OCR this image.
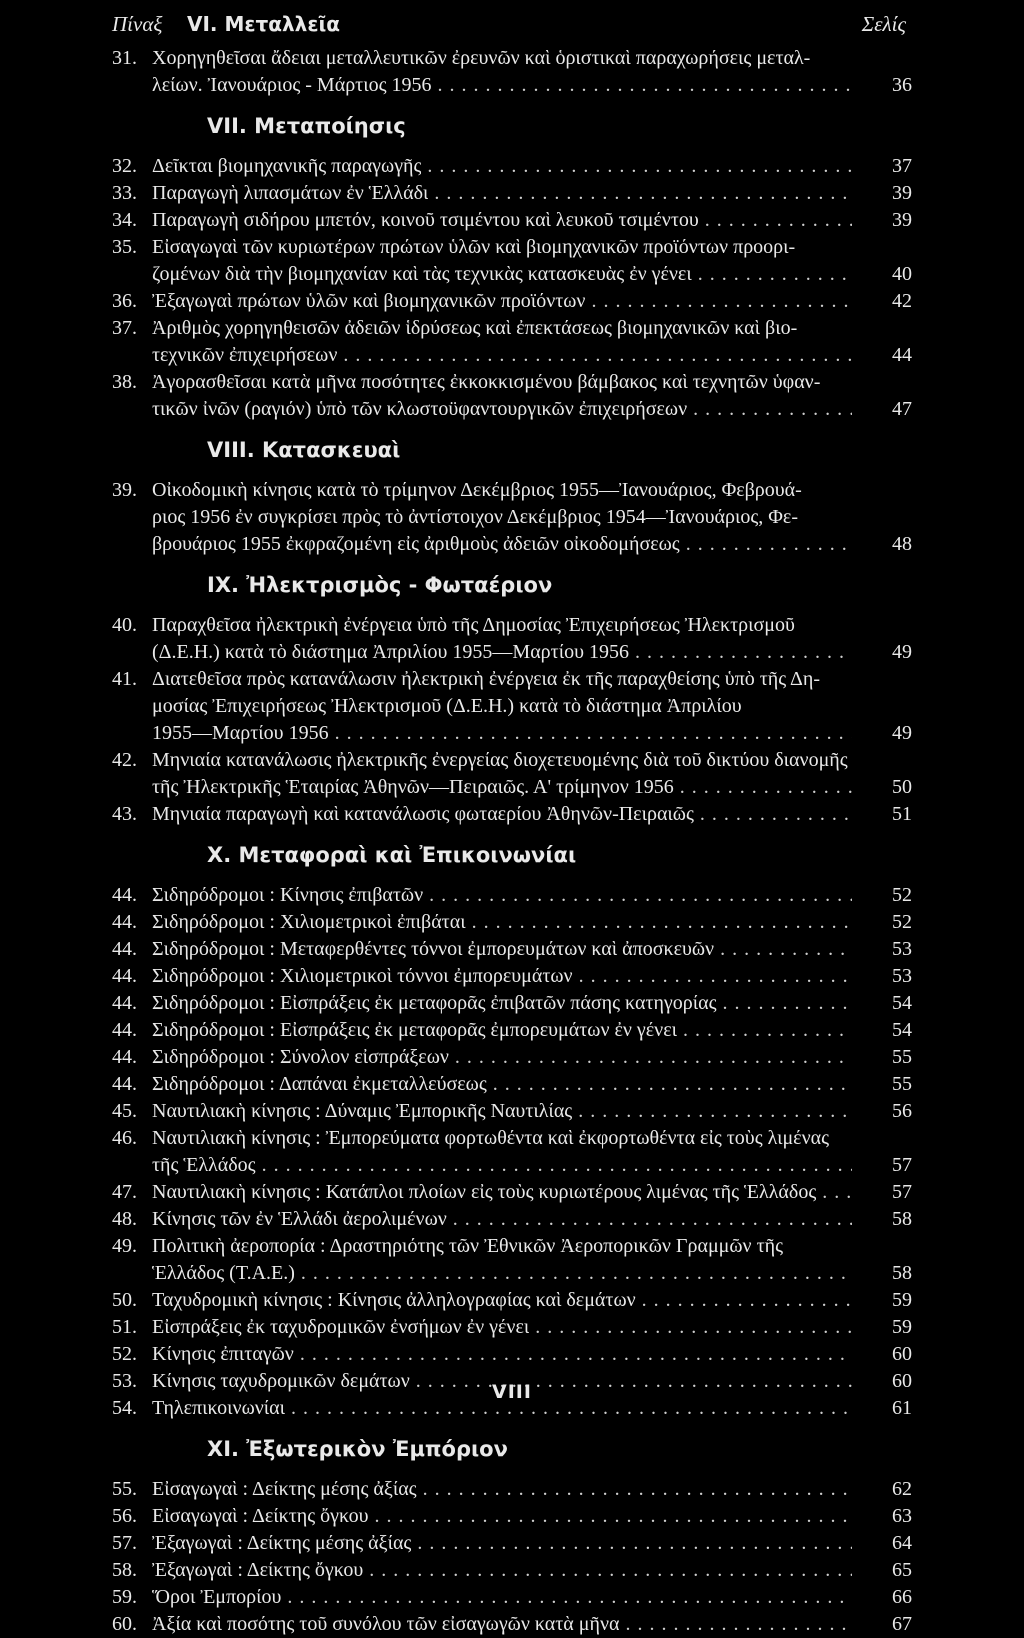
Πίναξ VI. Μεταλλεῖα	Σελίς
31. Χορηγηθεῖσαι ἄδειαι μεταλλευτικῶν ἐρευνῶν καὶ ὁριστικαὶ παραχωρήσεις μεταλ-
λείων. Ἰανουάριος - Μάρτιος 1956 . . .	36
VII. Μεταποίησις
32. Δεῖκται βιομηχανικῆς παραγωγῆς . . .	37
33. Παραγωγὴ λιπασμάτων ἐν Ἑλλάδι . . .	39
34. Παραγωγὴ σιδήρου μπετόν, κοινοῦ τσιμέντου καὶ λευκοῦ τσιμέντου . . .	39
35. Εἰσαγωγαὶ τῶν κυριωτέρων πρώτων ὑλῶν καὶ βιομηχανικῶν προϊόντων προορι-
ζομένων διὰ τὴν βιομηχανίαν καὶ τὰς τεχνικὰς κατασκευὰς ἐν γένει . . .	40
36. Ἐξαγωγαὶ πρώτων ὑλῶν καὶ βιομηχανικῶν προϊόντων . . .	42
37. Ἀριθμὸς χορηγηθεισῶν ἀδειῶν ἱδρύσεως καὶ ἐπεκτάσεως βιομηχανικῶν καὶ βιο-
τεχνικῶν ἐπιχειρήσεων . . .	44
38. Ἀγορασθεῖσαι κατὰ μῆνα ποσότητες ἐκκοκκισμένου βάμβακος καὶ τεχνητῶν ὑφαν-
τικῶν ἰνῶν (ραγιόν) ὑπὸ τῶν κλωστοϋφαντουργικῶν ἐπιχειρήσεων . . .	47
VIII. Κατασκευαὶ
39. Οἰκοδομικὴ κίνησις κατὰ τὸ τρίμηνον Δεκέμβριος 1955—Ἰανουάριος, Φεβρουά-
ριος 1956 ἐν συγκρίσει πρὸς τὸ ἀντίστοιχον Δεκέμβριος 1954—Ἰανουάριος, Φε-
βρουάριος 1955 ἐκφραζομένη εἰς ἀριθμοὺς ἀδειῶν οἰκοδομήσεως . . .	48
IX. Ἠλεκτρισμὸς - Φωταέριον
40. Παραχθεῖσα ἠλεκτρικὴ ἐνέργεια ὑπὸ τῆς Δημοσίας Ἐπιχειρήσεως Ἠλεκτρισμοῦ
(Δ.Ε.Η.) κατὰ τὸ διάστημα Ἀπριλίου 1955—Μαρτίου 1956 . . .	49
41. Διατεθεῖσα πρὸς κατανάλωσιν ἠλεκτρικὴ ἐνέργεια ἐκ τῆς παραχθείσης ὑπὸ τῆς Δη-
μοσίας Ἐπιχειρήσεως Ἠλεκτρισμοῦ (Δ.Ε.Η.) κατὰ τὸ διάστημα Ἀπριλίου
1955—Μαρτίου 1956 . . .	49
42. Μηνιαία κατανάλωσις ἠλεκτρικῆς ἐνεργείας διοχετευομένης διὰ τοῦ δικτύου διανομῆς
τῆς Ἠλεκτρικῆς Ἑταιρίας Ἀθηνῶν—Πειραιῶς. Α' τρίμηνον 1956 . . .	50
43. Μηνιαία παραγωγὴ καὶ κατανάλωσις φωταερίου Ἀθηνῶν-Πειραιῶς . . .	51
X. Μεταφοραὶ καὶ Ἐπικοινωνίαι
44. Σιδηρόδρομοι : Κίνησις ἐπιβατῶν . . .	52
44. Σιδηρόδρομοι : Χιλιομετρικοὶ ἐπιβάται . . .	52
44. Σιδηρόδρομοι : Μεταφερθέντες τόννοι ἐμπορευμάτων καὶ ἀποσκευῶν . . .	53
44. Σιδηρόδρομοι : Χιλιομετρικοὶ τόννοι ἐμπορευμάτων . . .	53
44. Σιδηρόδρομοι : Εἰσπράξεις ἐκ μεταφορᾶς ἐπιβατῶν πάσης κατηγορίας . . .	54
44. Σιδηρόδρομοι : Εἰσπράξεις ἐκ μεταφορᾶς ἐμπορευμάτων ἐν γένει . . .	54
44. Σιδηρόδρομοι : Σύνολον εἰσπράξεων . . .	55
44. Σιδηρόδρομοι : Δαπάναι ἐκμεταλλεύσεως . . .	55
45. Ναυτιλιακὴ κίνησις : Δύναμις Ἐμπορικῆς Ναυτιλίας . . .	56
46. Ναυτιλιακὴ κίνησις : Ἐμπορεύματα φορτωθέντα καὶ ἐκφορτωθέντα εἰς τοὺς λιμένας
τῆς Ἑλλάδος . . .	57
47. Ναυτιλιακὴ κίνησις : Κατάπλοι πλοίων εἰς τοὺς κυριωτέρους λιμένας τῆς Ἑλλάδος . . .	57
48. Κίνησις τῶν ἐν Ἑλλάδι ἀερολιμένων . . .	58
49. Πολιτικὴ ἀεροπορία : Δραστηριότης τῶν Ἐθνικῶν Ἀεροπορικῶν Γραμμῶν τῆς
Ἑλλάδος (Τ.Α.Ε.) . . .	58
50. Ταχυδρομικὴ κίνησις : Κίνησις ἀλληλογραφίας καὶ δεμάτων . . .	59
51. Εἰσπράξεις ἐκ ταχυδρομικῶν ἐνσήμων ἐν γένει . . .	59
52. Κίνησις ἐπιταγῶν . . .	60
53. Κίνησις ταχυδρομικῶν δεμάτων . . .	60
54. Τηλεπικοινωνίαι . . .	61
XI. Ἐξωτερικὸν Ἐμπόριον
55. Εἰσαγωγαὶ : Δείκτης μέσης ἀξίας . . .	62
56. Εἰσαγωγαὶ : Δείκτης ὄγκου . . .	63
57. Ἐξαγωγαὶ : Δείκτης μέσης ἀξίας . . .	64
58. Ἐξαγωγαὶ : Δείκτης ὄγκου . . .	65
59. Ὅροι Ἐμπορίου . . .	66
60. Ἀξία καὶ ποσότης τοῦ συνόλου τῶν εἰσαγωγῶν κατὰ μῆνα . . .	67
VIII
